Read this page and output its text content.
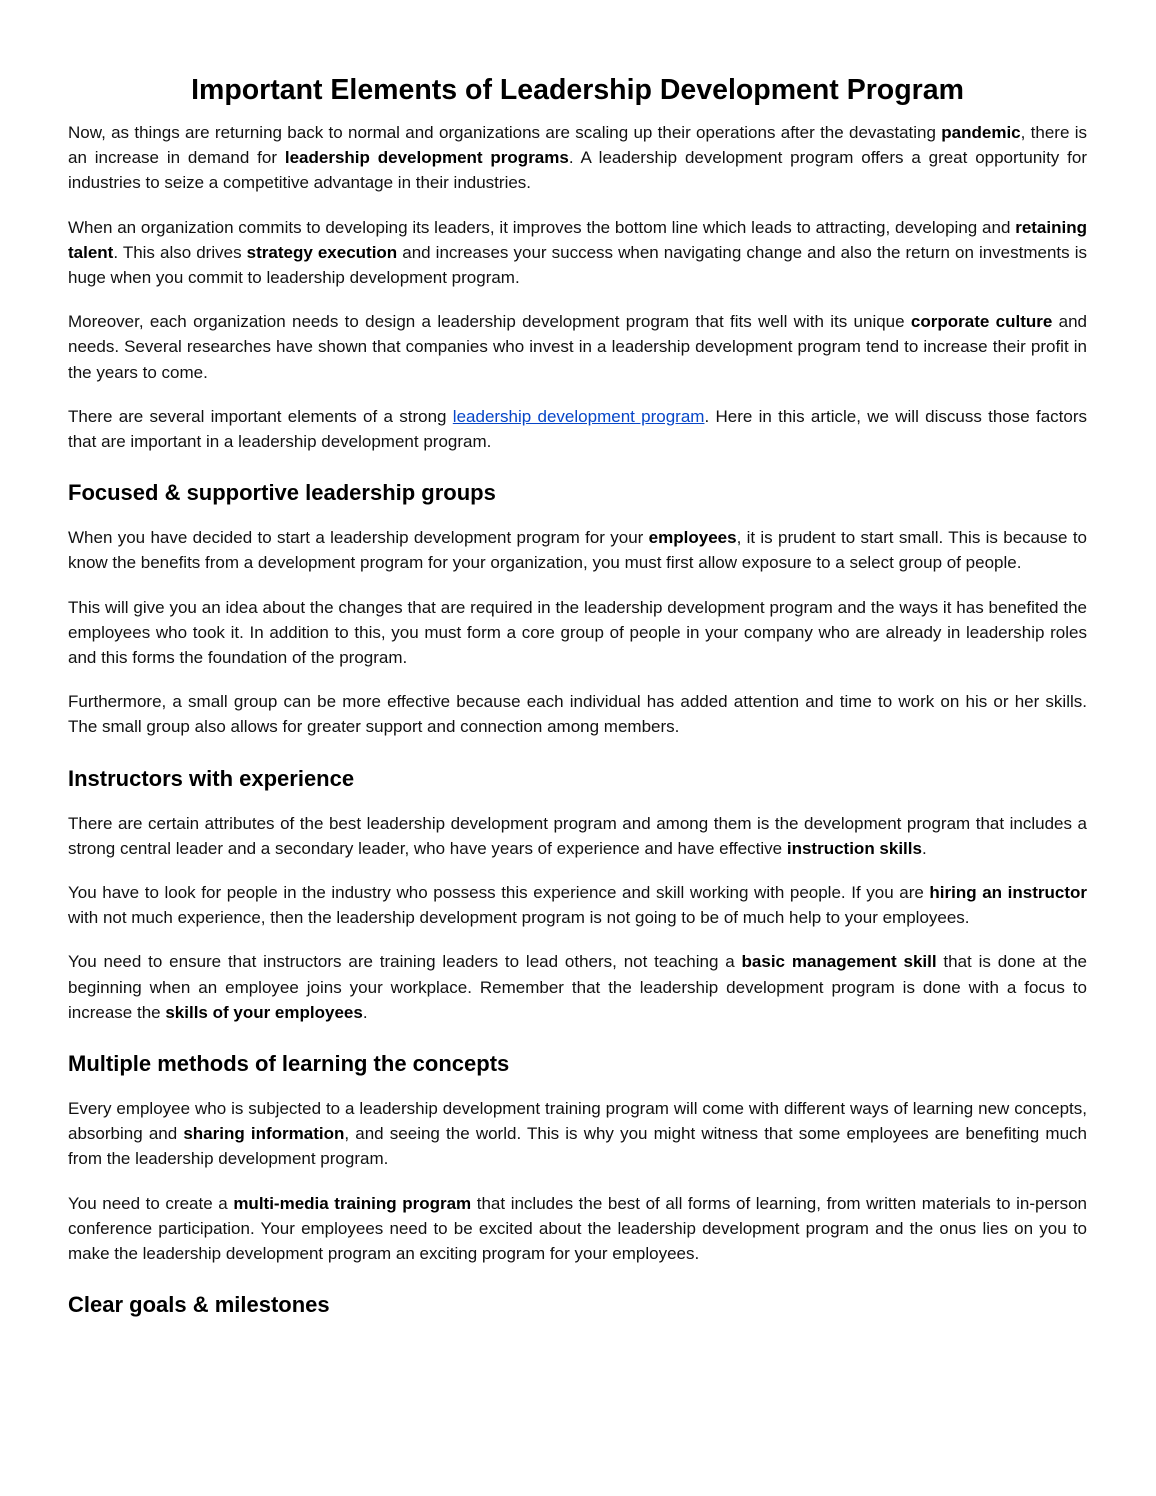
Important Elements of Leadership Development Program

Now, as things are returning back to normal and organizations are scaling up their operations after the devastating pandemic, there is an increase in demand for leadership development programs. A leadership development program offers a great opportunity for industries to seize a competitive advantage in their industries.

When an organization commits to developing its leaders, it improves the bottom line which leads to attracting, developing and retaining talent. This also drives strategy execution and increases your success when navigating change and also the return on investments is huge when you commit to leadership development program.

Moreover, each organization needs to design a leadership development program that fits well with its unique corporate culture and needs. Several researches have shown that companies who invest in a leadership development program tend to increase their profit in the years to come.

There are several important elements of a strong leadership development program. Here in this article, we will discuss those factors that are important in a leadership development program.

Focused & supportive leadership groups

When you have decided to start a leadership development program for your employees, it is prudent to start small. This is because to know the benefits from a development program for your organization, you must first allow exposure to a select group of people.

This will give you an idea about the changes that are required in the leadership development program and the ways it has benefited the employees who took it. In addition to this, you must form a core group of people in your company who are already in leadership roles and this forms the foundation of the program.

Furthermore, a small group can be more effective because each individual has added attention and time to work on his or her skills. The small group also allows for greater support and connection among members.

Instructors with experience

There are certain attributes of the best leadership development program and among them is the development program that includes a strong central leader and a secondary leader, who have years of experience and have effective instruction skills.

You have to look for people in the industry who possess this experience and skill working with people. If you are hiring an instructor with not much experience, then the leadership development program is not going to be of much help to your employees.

You need to ensure that instructors are training leaders to lead others, not teaching a basic management skill that is done at the beginning when an employee joins your workplace. Remember that the leadership development program is done with a focus to increase the skills of your employees.

Multiple methods of learning the concepts

Every employee who is subjected to a leadership development training program will come with different ways of learning new concepts, absorbing and sharing information, and seeing the world. This is why you might witness that some employees are benefiting much from the leadership development program.

You need to create a multi-media training program that includes the best of all forms of learning, from written materials to in-person conference participation. Your employees need to be excited about the leadership development program and the onus lies on you to make the leadership development program an exciting program for your employees.

Clear goals & milestones
